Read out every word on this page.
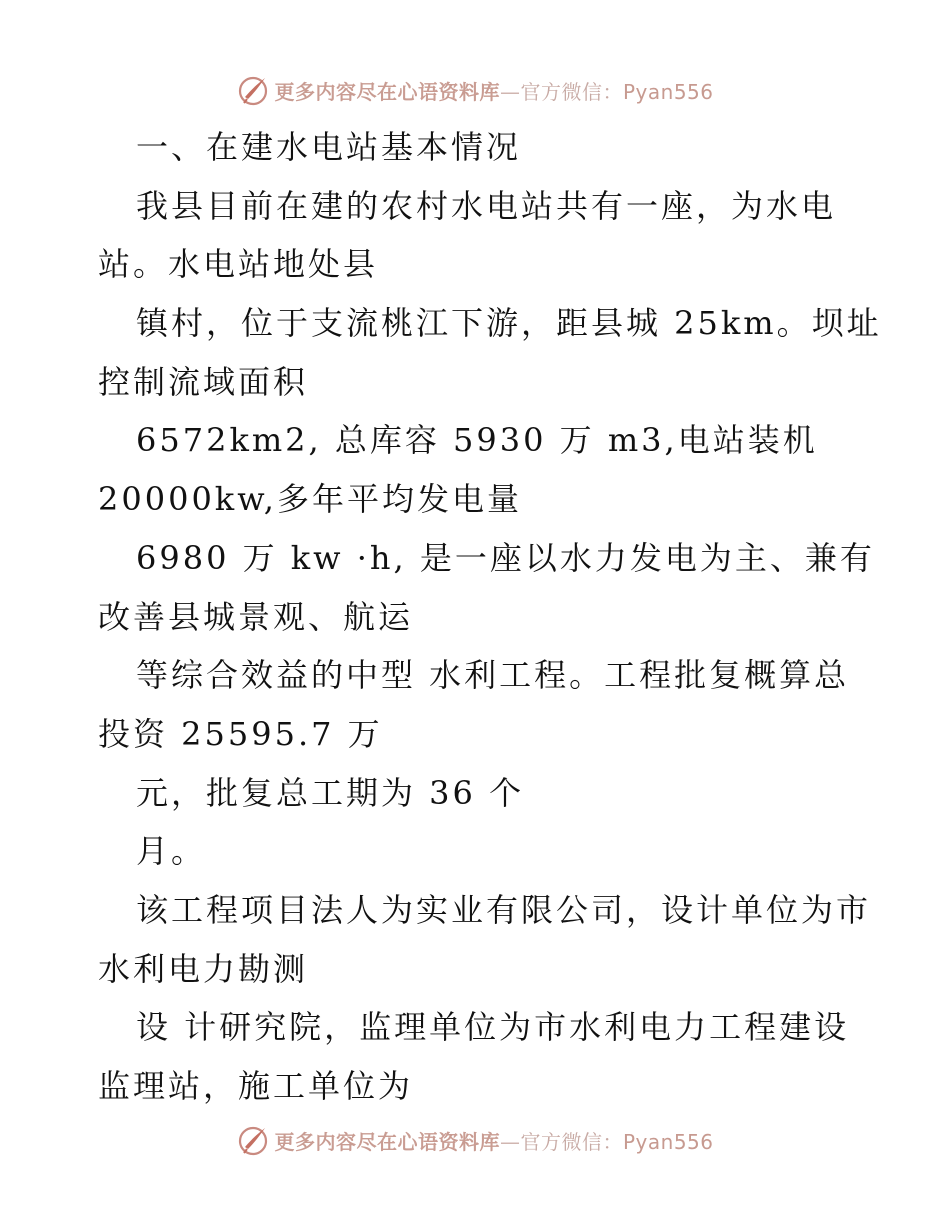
更多内容尽在心语资料库—官方微信：Pyan556
一、在建水电站基本情况
我县目前在建的农村水电站共有一座，为水电
站。水电站地处县
镇村，位于支流桃江下游，距县城 25km。坝址
控制流域面积
6572km2, 总库容 5930 万 m3,电站装机
20000kw,多年平均发电量
6980 万 kw ·h, 是一座以水力发电为主、兼有
改善县城景观、航运
等综合效益的中型 水利工程。工程批复概算总
投资 25595.7 万
元，批复总工期为 36 个
月。
该工程项目法人为实业有限公司，设计单位为市
水利电力勘测
设 计研究院，监理单位为市水利电力工程建设
监理站，施工单位为
更多内容尽在心语资料库—官方微信：Pyan556
